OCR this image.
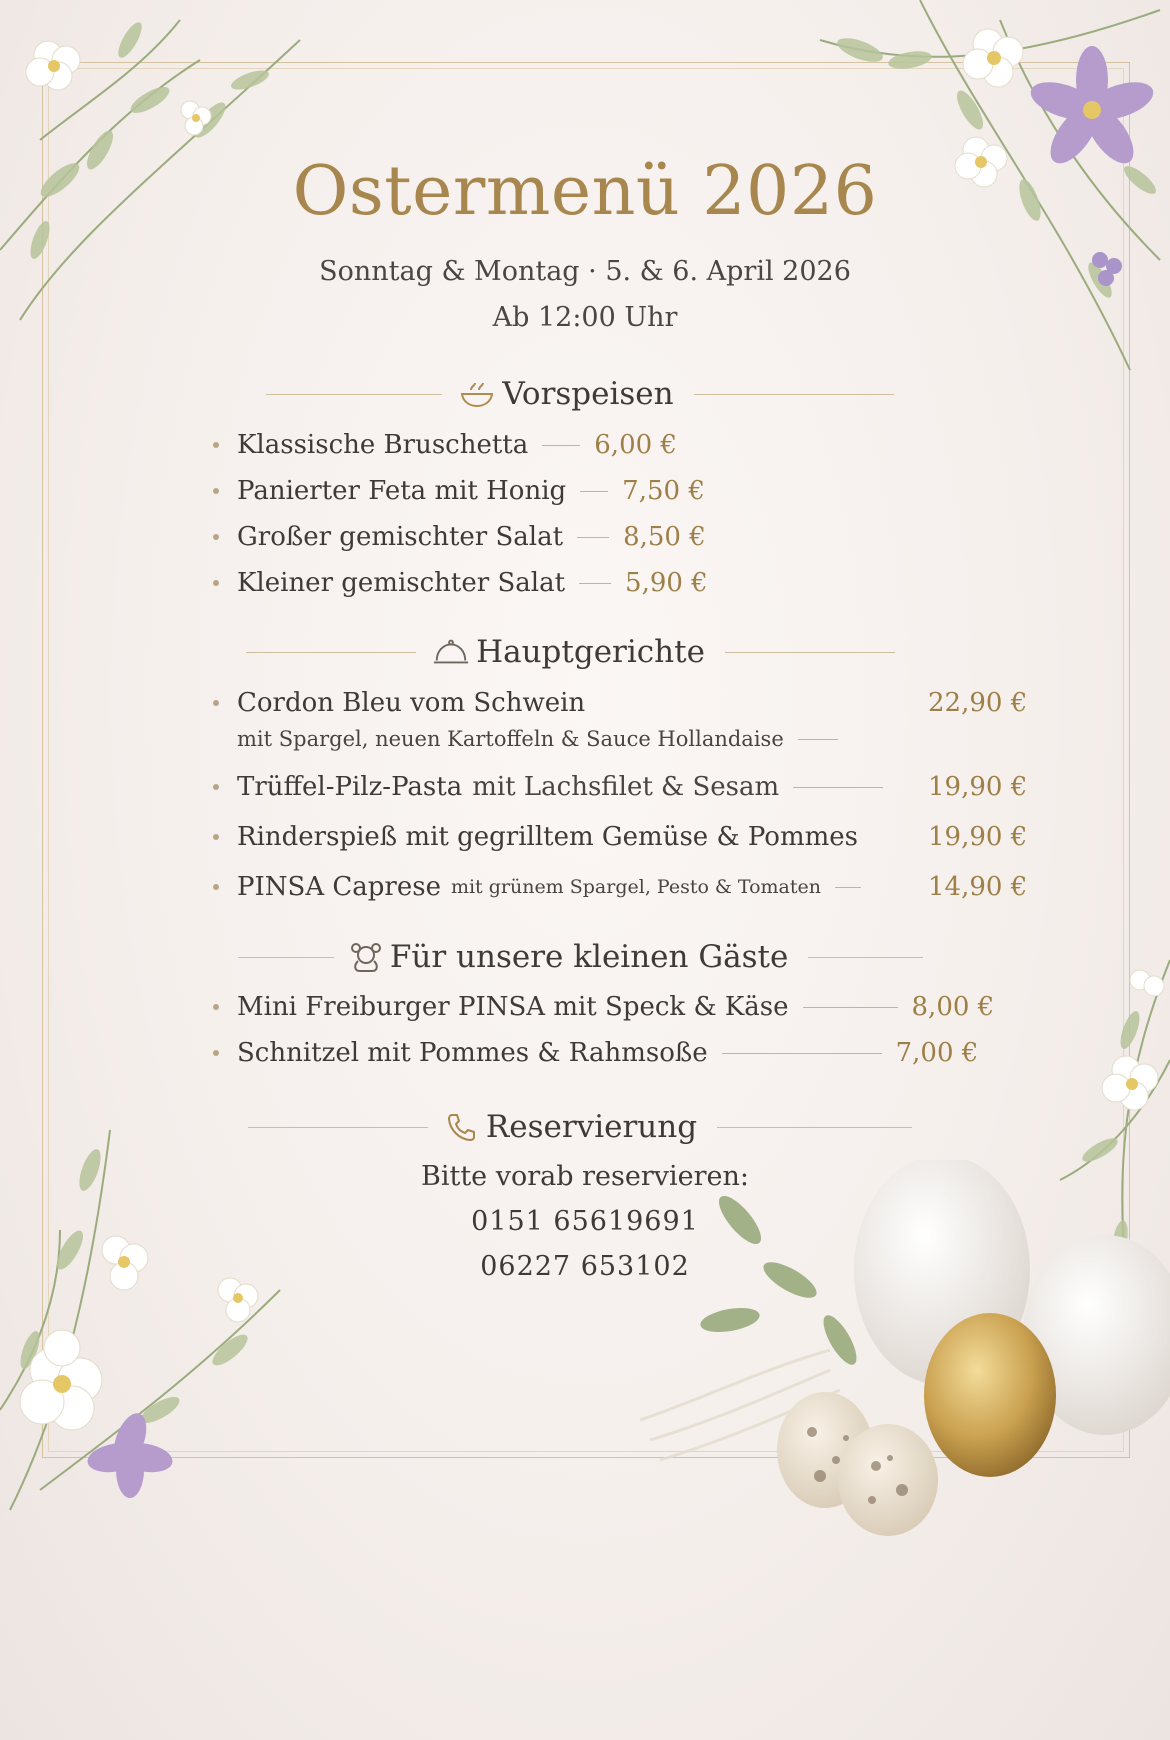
Ostermenü 2026
Sonntag & Montag · 5. & 6. April 2026
Ab 12:00 Uhr
Vorspeisen
Klassische Bruschetta	6,00 €
Panierter Feta mit Honig 7,50 €
Großer gemischter Salat 8,50 €
Kleiner gemischter Salat 5,90 €
Hauptgerichte
Cordon Bleu vom Schwein
mit Spargel, neuen Kartoffeln & Sauce Hollandaise
22,90 €
Trüffel-Pilz-Pasta mit Lachsfilet & Sesam	19,90 €
Rinderspieß mit gegrilltem Gemüse & Pommes	19,90 €
PINSA Caprese mit grünem Spargel, Pesto & Tomaten	14,90 €
Für unsere kleinen Gäste
Mini Freiburger PINSA mit Speck & Käse	8,00 €
Schnitzel mit Pommes & Rahmsoße	7,00 €
Reservierung
Bitte vorab reservieren:
0151 65619691
06227 653102
